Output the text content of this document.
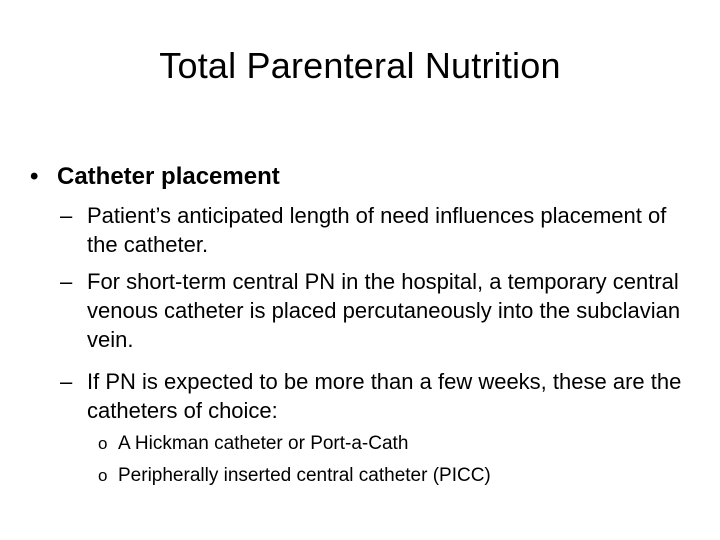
Total Parenteral Nutrition
• Catheter placement
– Patient’s anticipated length of need influences placement of the catheter.
– For short-term central PN in the hospital, a temporary central venous catheter is placed percutaneously into the subclavian vein.
– If PN is expected to be more than a few weeks, these are the catheters of choice:
o A Hickman catheter or Port-a-Cath
o Peripherally inserted central catheter (PICC)
